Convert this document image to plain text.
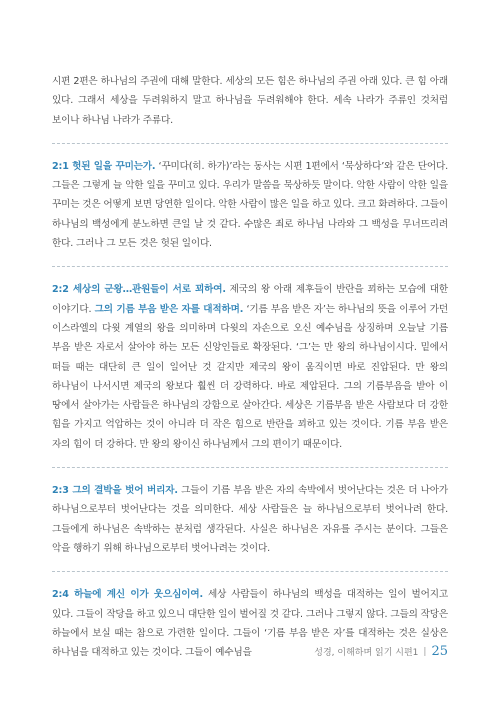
시편 2편은 하나님의 주권에 대해 말한다. 세상의 모든 힘은 하나님의 주권 아래 있다. 큰 힘 아래 있다. 그래서 세상을 두려워하지 말고 하나님을 두려워해야 한다. 세속 나라가 주류인 것처럼 보이나 하나님 나라가 주류다.

2:1 헛된 일을 꾸미는가. ‘꾸미다(히. 하가)’라는 동사는 시편 1편에서 ‘묵상하다’와 같은 단어다. 그들은 그렇게 늘 악한 일을 꾸미고 있다. 우리가 말씀을 묵상하듯 말이다. 악한 사람이 악한 일을 꾸미는 것은 어떻게 보면 당연한 일이다. 악한 사람이 많은 일을 하고 있다. 크고 화려하다. 그들이 하나님의 백성에게 분노하면 큰일 날 것 같다. 수많은 죄로 하나님 나라와 그 백성을 무너뜨리려 한다. 그러나 그 모든 것은 헛된 일이다.

2:2 세상의 군왕…관원들이 서로 꾀하여. 제국의 왕 아래 제후들이 반란을 꾀하는 모습에 대한 이야기다. 그의 기름 부음 받은 자를 대적하며. ‘기름 부음 받은 자’는 하나님의 뜻을 이루어 가던 이스라엘의 다윗 계열의 왕을 의미하며 다윗의 자손으로 오신 예수님을 상징하며 오늘날 기름 부음 받은 자로서 살아야 하는 모든 신앙인들로 확장된다. ‘그’는 만 왕의 하나님이시다. 밑에서 떠들 때는 대단히 큰 일이 일어난 것 같지만 제국의 왕이 움직이면 바로 진압된다. 만 왕의 하나님이 나서시면 제국의 왕보다 훨씬 더 강력하다. 바로 제압된다. 그의 기름부음을 받아 이 땅에서 살아가는 사람들은 하나님의 강함으로 살아간다. 세상은 기름부음 받은 사람보다 더 강한 힘을 가지고 억압하는 것이 아니라 더 작은 힘으로 반란을 꾀하고 있는 것이다. 기름 부음 받은 자의 힘이 더 강하다. 만 왕의 왕이신 하나님께서 그의 편이기 때문이다.

2:3 그의 결박을 벗어 버리자. 그들이 기름 부음 받은 자의 속박에서 벗어난다는 것은 더 나아가 하나님으로부터 벗어난다는 것을 의미한다. 세상 사람들은 늘 하나님으로부터 벗어나려 한다. 그들에게 하나님은 속박하는 분처럼 생각된다. 사실은 하나님은 자유를 주시는 분이다. 그들은 악을 행하기 위해 하나님으로부터 벗어나려는 것이다.

2:4 하늘에 계신 이가 웃으심이여. 세상 사람들이 하나님의 백성을 대적하는 일이 벌어지고 있다. 그들이 작당을 하고 있으니 대단한 일이 벌어질 것 같다. 그러나 그렇지 않다. 그들의 작당은 하늘에서 보실 때는 참으로 가련한 일이다. 그들이 ‘기름 부음 받은 자’를 대적하는 것은 실상은 하나님을 대적하고 있는 것이다. 그들이 예수님을	성경, 이해하며 읽기 시편1 | 25
